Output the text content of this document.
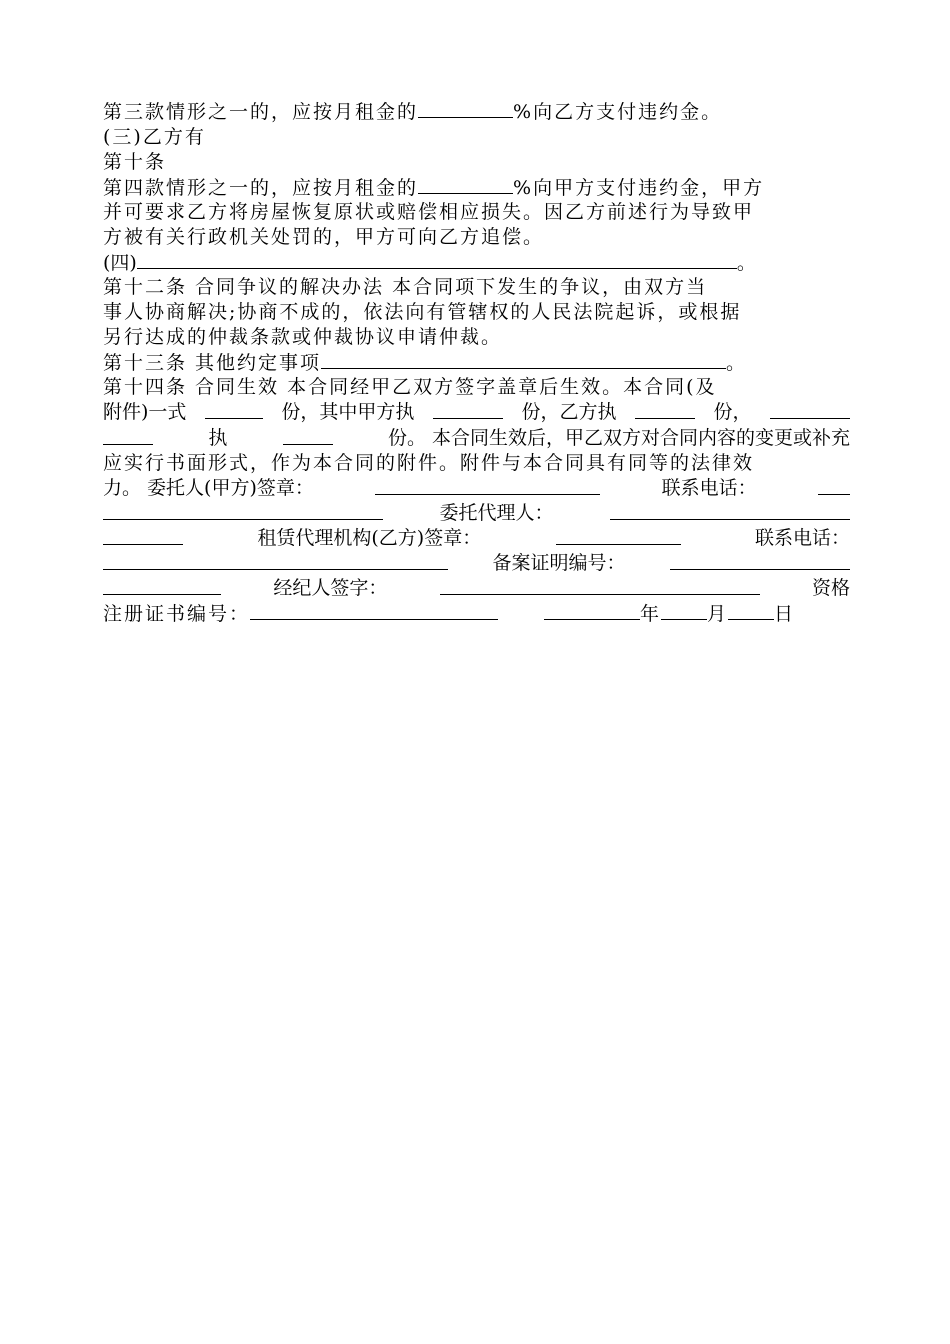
第三款情形之一的，应按月租金的	%向乙方支付违约金。
(三)乙方有
第十条
第四款情形之一的，应按月租金的	%向甲方支付违约金，甲方
并可要求乙方将房屋恢复原状或赔偿相应损失。因乙方前述行为导致甲
方被有关行政机关处罚的，甲方可向乙方追偿。
(四)	。
第十二条 合同争议的解决办法 本合同项下发生的争议，由双方当
事人协商解决;协商不成的，依法向有管辖权的人民法院起诉，或根据
另行达成的仲裁条款或仲裁协议申请仲裁。
第十三条 其他约定事项	。
第十四条 合同生效 本合同经甲乙双方签字盖章后生效。本合同(及
附件)一式	份，其中甲方执	份，乙方执	份，
执	份。 本合同生效后，甲乙双方对合同内容的变更或补充
应实行书面形式，作为本合同的附件。附件与本合同具有同等的法律效
力。 委托人(甲方)签章：	联系电话：
委托代理人：
租赁代理机构(乙方)签章：	联系电话：
备案证明编号：
经纪人签字：	资格
注册证书编号：	年 月 日
